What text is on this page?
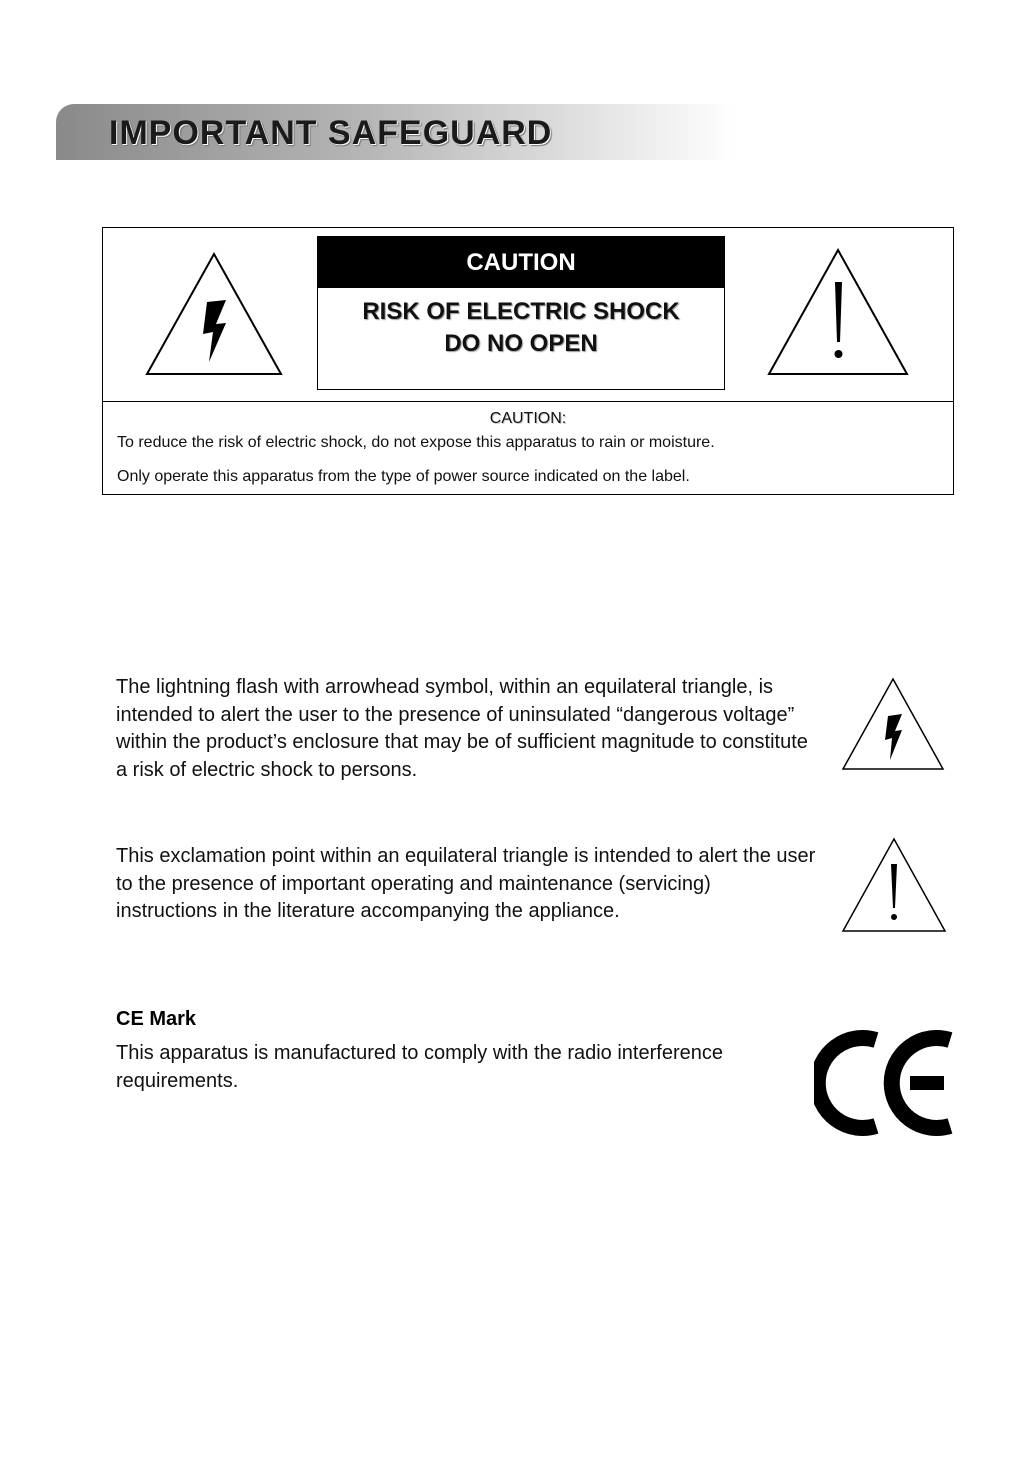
IMPORTANT SAFEGUARD
CAUTION
RISK OF ELECTRIC SHOCK
DO NO OPEN
CAUTION:
To reduce the risk of electric shock, do not expose this apparatus to rain or moisture.
Only operate this apparatus from the type of power source indicated on the label.

The lightning flash with arrowhead symbol, within an equilateral triangle, is intended to alert the user to the presence of uninsulated “dangerous voltage” within the product’s enclosure that may be of sufficient magnitude to constitute a risk of electric shock to persons.

This exclamation point within an equilateral triangle is intended to alert the user to the presence of important operating and maintenance (servicing) instructions in the literature accompanying the appliance.

CE Mark

This apparatus is manufactured to comply with the radio interference requirements.
